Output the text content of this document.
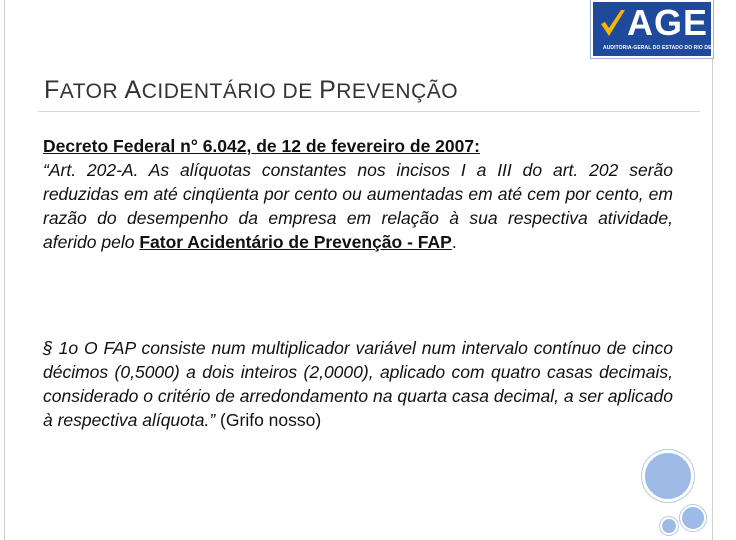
AGE
AUDITORIA-GERAL DO ESTADO DO RIO DE JANEIRO
FATOR ACIDENTÁRIO DE PREVENÇÃO
Decreto Federal n° 6.042, de 12 de fevereiro de 2007:
“Art. 202-A. As alíquotas constantes nos incisos I a III do art. 202 serão reduzidas em até cinqüenta por cento ou aumentadas em até cem por cento, em razão do desempenho da empresa em relação à sua respectiva atividade, aferido pelo Fator Acidentário de Prevenção - FAP.
§ 1o O FAP consiste num multiplicador variável num intervalo contínuo de cinco décimos (0,5000) a dois inteiros (2,0000), aplicado com quatro casas decimais, considerado o critério de arredondamento na quarta casa decimal, a ser aplicado à respectiva alíquota.” (Grifo nosso)
